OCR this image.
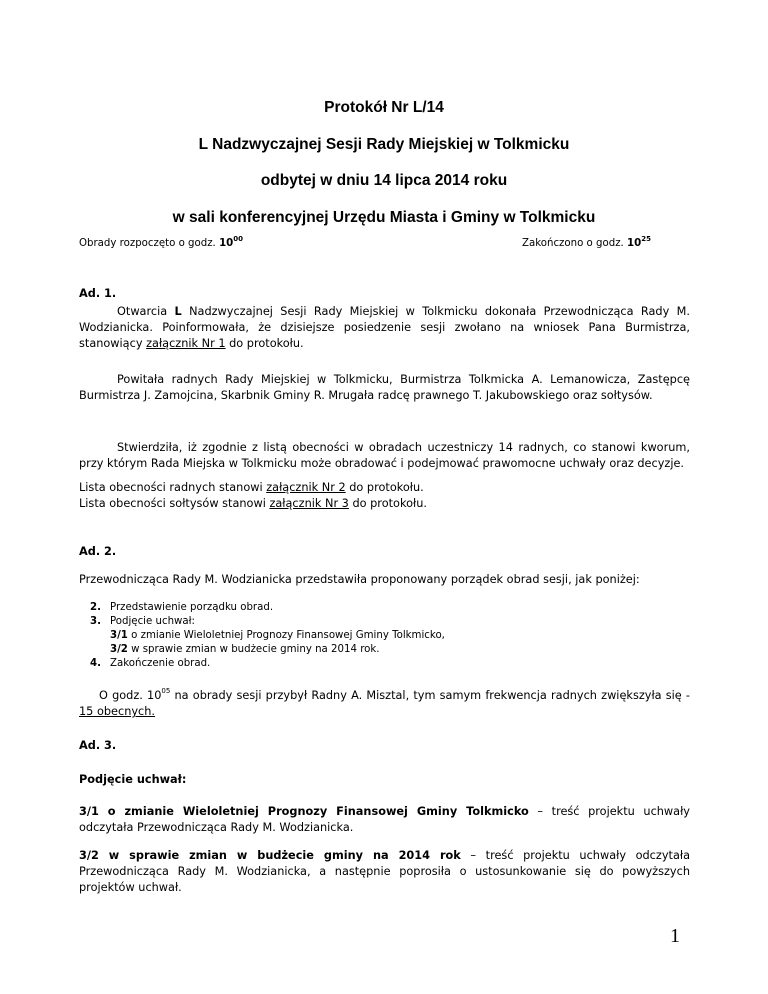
Protokół Nr L/14
L Nadzwyczajnej Sesji Rady Miejskiej w Tolkmicku
odbytej w dniu 14 lipca 2014 roku
w sali konferencyjnej Urzędu Miasta i Gminy w Tolkmicku
Obrady rozpoczęto o godz. $10^{00}$	Zakończono o godz. $10^{25}$
Ad. 1.
Otwarcia L Nadzwyczajnej Sesji Rady Miejskiej w Tolkmicku dokonała Przewodnicząca Rady M. Wodzianicka. Poinformowała, że dzisiejsze posiedzenie sesji zwołano na wniosek Pana Burmistrza, stanowiący załącznik Nr 1 do protokołu.
Powitała radnych Rady Miejskiej w Tolkmicku, Burmistrza Tolkmicka A. Lemanowicza, Zastępcę Burmistrza J. Zamojcina, Skarbnik Gminy R. Mrugała radcę prawnego T. Jakubowskiego oraz sołtysów.
Stwierdziła, iż zgodnie z listą obecności w obradach uczestniczy 14 radnych, co stanowi kworum, przy którym Rada Miejska w Tolkmicku może obradować i podejmować prawomocne uchwały oraz decyzje.
Lista obecności radnych stanowi załącznik Nr 2 do protokołu.
Lista obecności sołtysów stanowi załącznik Nr 3 do protokołu.
Ad. 2.
Przewodnicząca Rady M. Wodzianicka przedstawiła proponowany porządek obrad sesji, jak poniżej:
2. Przedstawienie porządku obrad.
3. Podjęcie uchwał:
3/1 o zmianie Wieloletniej Prognozy Finansowej Gminy Tolkmicko,
3/2 w sprawie zmian w budżecie gminy na 2014 rok.
4. Zakończenie obrad.
O godz. $10^{05}$ na obrady sesji przybył Radny A. Misztal, tym samym frekwencja radnych zwiększyła się - 15 obecnych.
Ad. 3.
Podjęcie uchwał:
3/1 o zmianie Wieloletniej Prognozy Finansowej Gminy Tolkmicko – treść projektu uchwały odczytała Przewodnicząca Rady M. Wodzianicka.
3/2 w sprawie zmian w budżecie gminy na 2014 rok – treść projektu uchwały odczytała Przewodnicząca Rady M. Wodzianicka, a następnie poprosiła o ustosunkowanie się do powyższych projektów uchwał.
1
